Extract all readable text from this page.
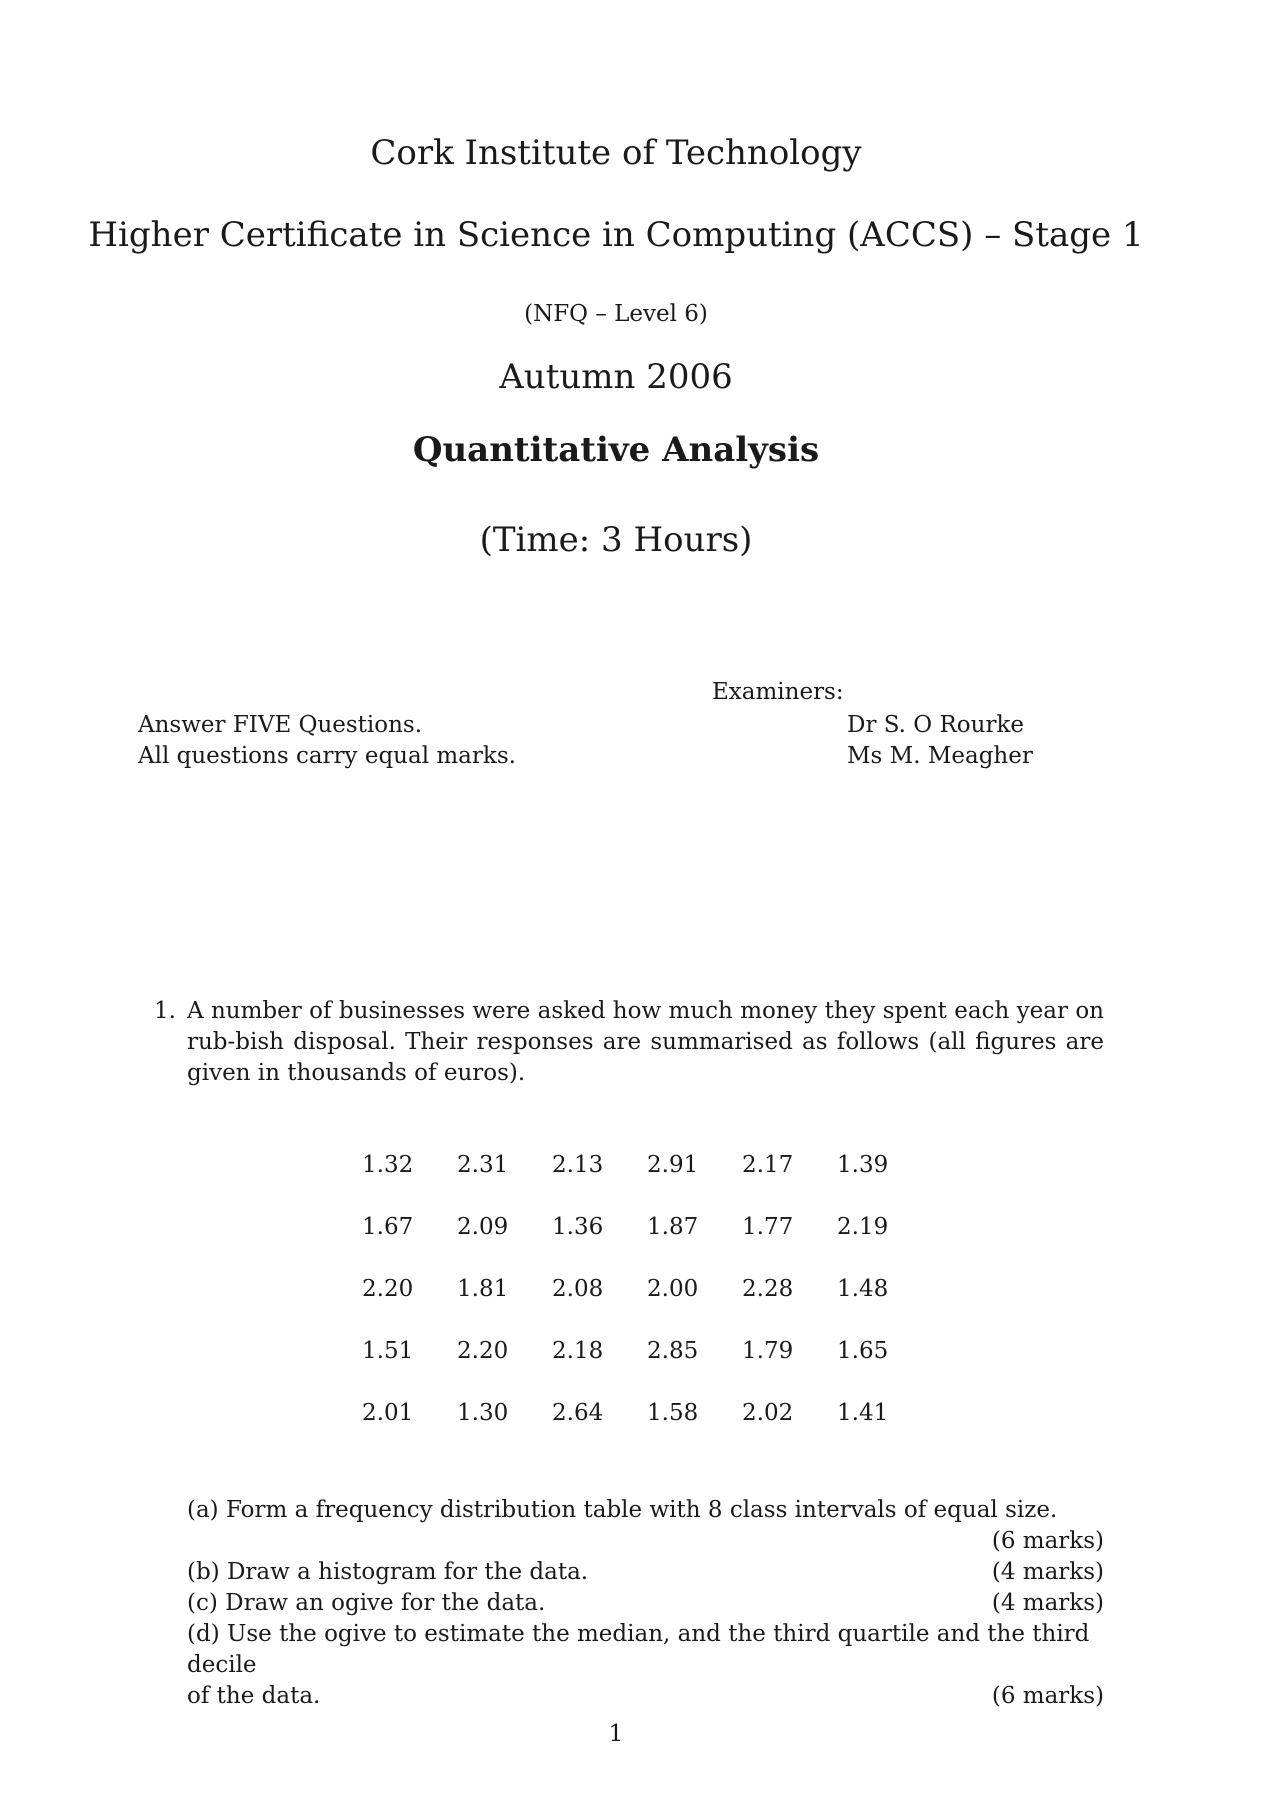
Cork Institute of Technology
Higher Certificate in Science in Computing (ACCS) – Stage 1
(NFQ – Level 6)
Autumn 2006
Quantitative Analysis
(Time: 3 Hours)
Answer FIVE Questions.
All questions carry equal marks.
Examiners:
Dr S. O Rourke
Ms M. Meagher
1. A number of businesses were asked how much money they spent each year on rub-bish disposal. Their responses are summarised as follows (all figures are given in thousands of euros).
1.32	2.31	2.13	2.91	2.17	1.39
1.67	2.09	1.36	1.87	1.77	2.19
2.20	1.81	2.08	2.00	2.28	1.48
1.51	2.20	2.18	2.85	1.79	1.65
2.01	1.30	2.64	1.58	2.02	1.41
(a) Form a frequency distribution table with 8 class intervals of equal size.
(6 marks)
(b) Draw a histogram for the data.	(4 marks)
(c) Draw an ogive for the data.	(4 marks)
(d) Use the ogive to estimate the median, and the third quartile and the third decile
of the data.	(6 marks)
1
